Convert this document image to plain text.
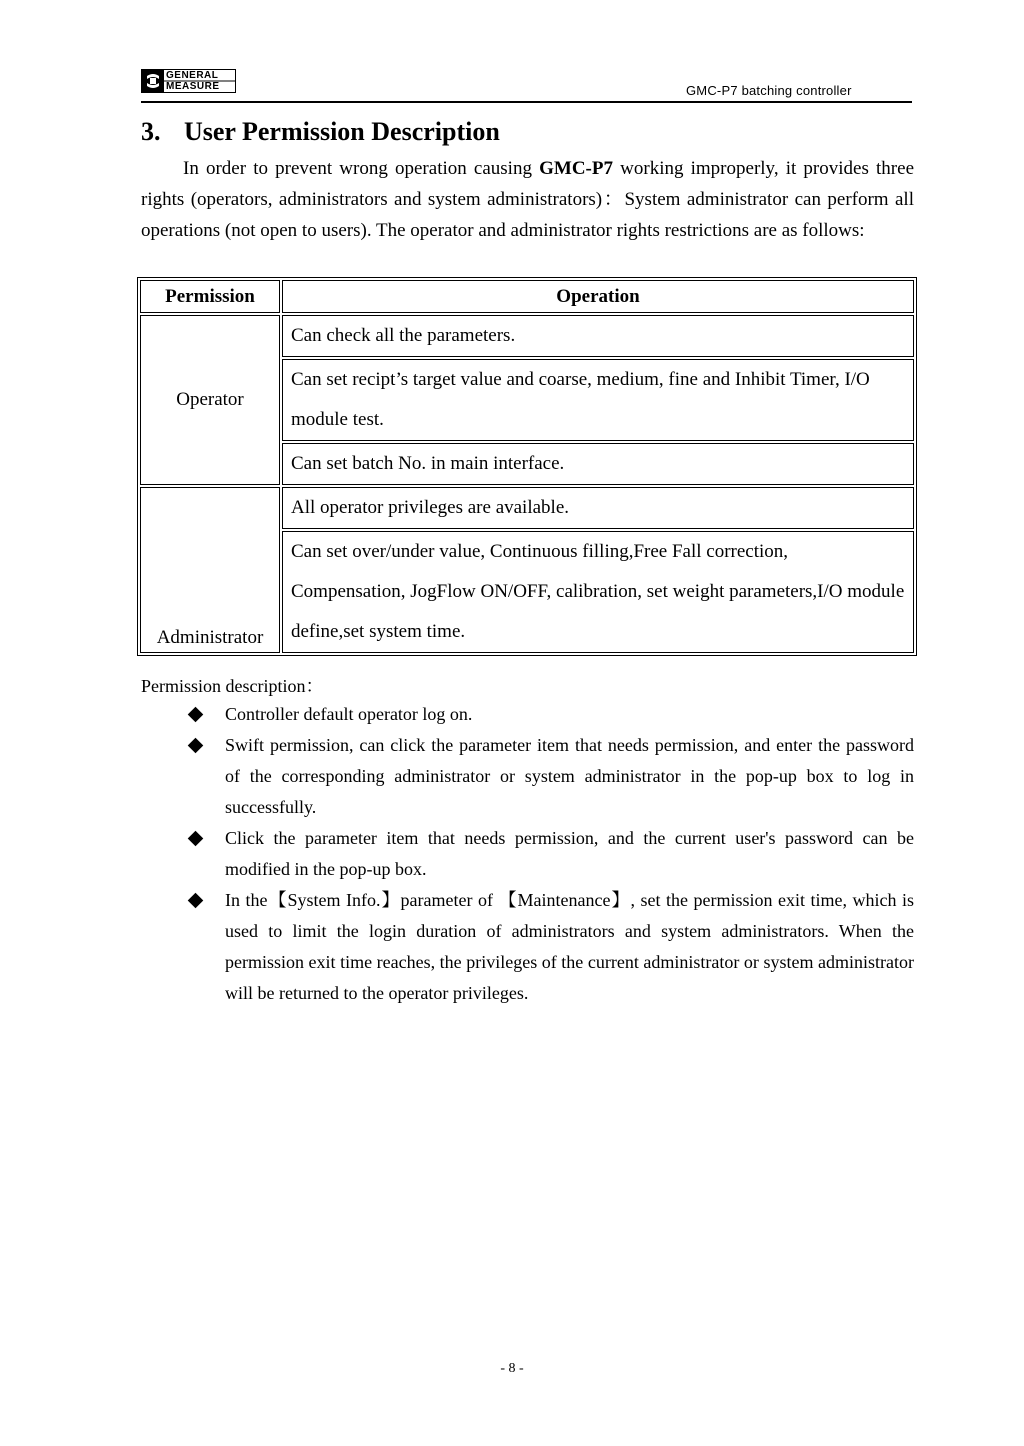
GENERAL
MEASURE	GMC-P7 batching controller
3. User Permission Description

In order to prevent wrong operation causing GMC-P7 working improperly, it provides three rights (operators, administrators and system administrators)：System administrator can perform all operations (not open to users). The operator and administrator rights restrictions are as follows:

Permission	Operation
Operator	Can check all the parameters.
	Can set recipt’s target value and coarse, medium, fine and Inhibit Timer, I/O module test.
	Can set batch No. in main interface.
Administrator	All operator privileges are available.
	Can set over/under value, Continuous filling,Free Fall correction, Compensation, JogFlow ON/OFF, calibration, set weight parameters,I/O module define,set system time.
Permission description：
Controller default operator log on.
Swift permission, can click the parameter item that needs permission, and enter the password of the corresponding administrator or system administrator in the pop-up box to log in successfully.
Click the parameter item that needs permission, and the current user's password can be modified in the pop-up box.
In the【System Info.】parameter of 【Maintenance】, set the permission exit time, which is used to limit the login duration of administrators and system administrators. When the permission exit time reaches, the privileges of the current administrator or system administrator will be returned to the operator privileges.
- 8 -
